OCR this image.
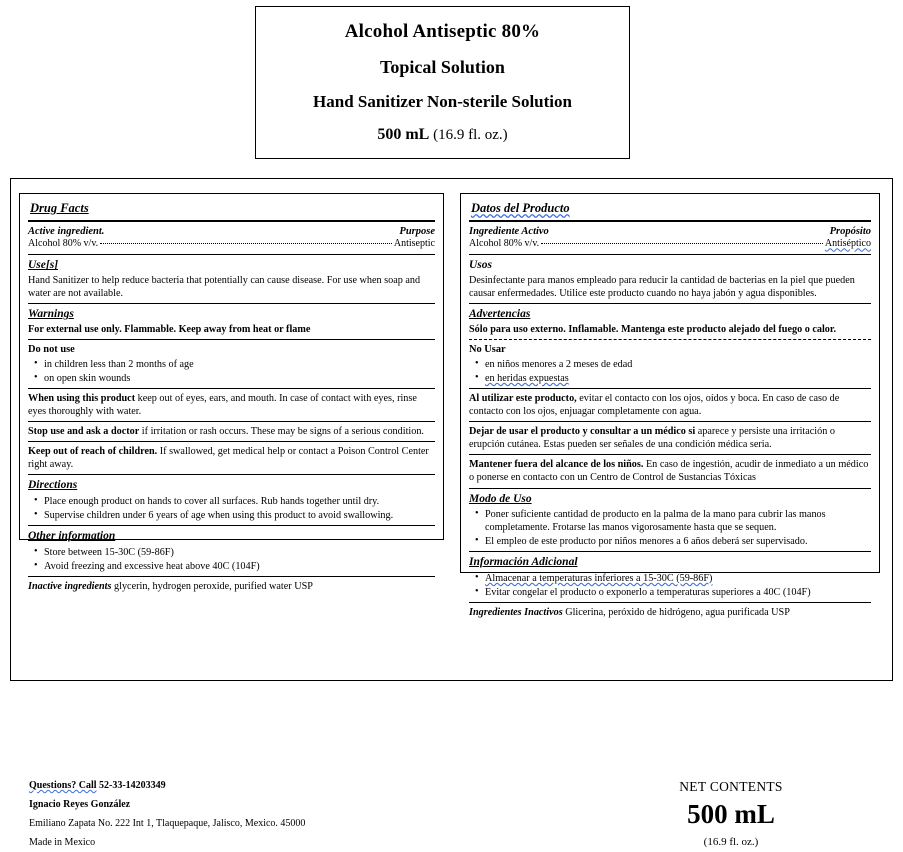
Alcohol Antiseptic 80%
Topical Solution
Hand Sanitizer Non-sterile Solution
500 mL (16.9 fl. oz.)
Drug Facts
Active ingredient.	Purpose
Alcohol 80% v/v.	Antiseptic
Use[s]
Hand Sanitizer to help reduce bacteria that potentially can cause disease. For use when soap and water are not available.
Warnings
For external use only. Flammable. Keep away from heat or flame
Do not use
• in children less than 2 months of age
• on open skin wounds
When using this product keep out of eyes, ears, and mouth. In case of contact with eyes, rinse eyes thoroughly with water.
Stop use and ask a doctor if irritation or rash occurs. These may be signs of a serious condition.
Keep out of reach of children. If swallowed, get medical help or contact a Poison Control Center right away.
Directions
• Place enough product on hands to cover all surfaces. Rub hands together until dry.
• Supervise children under 6 years of age when using this product to avoid swallowing.
Other information
• Store between 15-30C (59-86F)
• Avoid freezing and excessive heat above 40C (104F)
Inactive ingredients glycerin, hydrogen peroxide, purified water USP
Datos del Producto
Ingrediente Activo	Propósito
Alcohol 80% v/v.	Antiséptico
Usos
Desinfectante para manos empleado para reducir la cantidad de bacterias en la piel que pueden causar enfermedades. Utilice este producto cuando no haya jabón y agua disponibles.
Advertencias
Sólo para uso externo. Inflamable. Mantenga este producto alejado del fuego o calor.
No Usar
• en niños menores a 2 meses de edad
• en heridas expuestas
Al utilizar este producto, evitar el contacto con los ojos, oídos y boca. En caso de caso de contacto con los ojos, enjuagar completamente con agua.
Dejar de usar el producto y consultar a un médico si aparece y persiste una irritación o erupción cutánea. Estas pueden ser señales de una condición médica seria.
Mantener fuera del alcance de los niños. En caso de ingestión, acudir de inmediato a un médico o ponerse en contacto con un Centro de Control de Sustancias Tóxicas
Modo de Uso
• Poner suficiente cantidad de producto en la palma de la mano para cubrir las manos completamente. Frotarse las manos vigorosamente hasta que se sequen.
• El empleo de este producto por niños menores a 6 años deberá ser supervisado.
Información Adicional
• Almacenar a temperaturas inferiores a 15-30C (59-86F)
• Evitar congelar el producto o exponerlo a temperaturas superiores a 40C (104F)
Ingredientes Inactivos Glicerina, peróxido de hidrógeno, agua purificada USP
Questions? Call 52-33-14203349
Ignacio Reyes González
Emiliano Zapata No. 222 Int 1, Tlaquepaque, Jalisco, Mexico. 45000
Made in Mexico
NET CONTENTS
500 mL
(16.9 fl. oz.)
